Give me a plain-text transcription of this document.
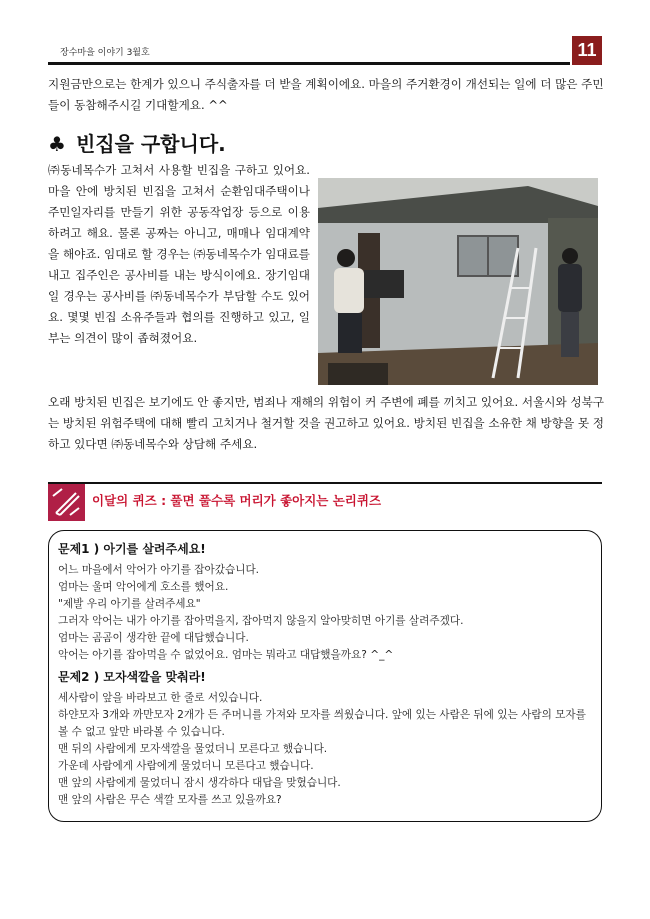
장수마을 이야기 3월호	11
지원금만으로는 한계가 있으니 주식출자를 더 받을 계획이에요. 마을의 주거환경이 개선되는 일에 더 많은 주민들이 동참해주시길 기대할게요. ^^
♣ 빈집을 구합니다.
㈜동네목수가 고쳐서 사용할 빈집을 구하고 있어요. 마을 안에 방치된 빈집을 고쳐서 순환임대주택이나 주민일자리를 만들기 위한 공동작업장 등으로 이용하려고 해요. 물론 공짜는 아니고, 매매나 임대계약을 해야죠. 임대로 할 경우는 ㈜동네목수가 임대료를 내고 집주인은 공사비를 내는 방식이에요. 장기임대일 경우는 공사비를 ㈜동네목수가 부담할 수도 있어요. 몇몇 빈집 소유주들과 협의를 진행하고 있고, 일부는 의견이 많이 좁혀졌어요.
오래 방치된 빈집은 보기에도 안 좋지만, 범죄나 재해의 위험이 커 주변에 폐를 끼치고 있어요. 서울시와 성북구는 방치된 위험주택에 대해 빨리 고치거나 철거할 것을 권고하고 있어요. 방치된 빈집을 소유한 채 방향을 못 정하고 있다면 ㈜동네목수와 상담해 주세요.
이달의 퀴즈 : 풀면 풀수록 머리가 좋아지는 논리퀴즈
문제1 ) 아기를 살려주세요!
어느 마을에서 악어가 아기를 잡아갔습니다.
엄마는 울며 악어에게 호소를 했어요.
"제발 우리 아기를 살려주세요"
그러자 악어는 내가 아기를 잡아먹을지, 잡아먹지 않을지 알아맞히면 아기를 살려주겠다.
엄마는 곰곰이 생각한 끝에 대답했습니다.
악어는 아기를 잡아먹을 수 없었어요. 엄마는 뭐라고 대답했을까요? ^_^
문제2 ) 모자색깔을 맞춰라!
세사람이 앞을 바라보고 한 줄로 서있습니다.
하얀모자 3개와 까만모자 2개가 든 주머니를 가져와 모자를 씌웠습니다. 앞에 있는 사람은 뒤에 있는 사람의 모자를 볼 수 없고 앞만 바라볼 수 있습니다.
맨 뒤의 사람에게 모자색깔을 물었더니 모른다고 했습니다.
가운데 사람에게 사람에게 물었더니 모른다고 했습니다.
맨 앞의 사람에게 물었더니 잠시 생각하다 대답을 맞혔습니다.
맨 앞의 사람은 무슨 색깔 모자를 쓰고 있을까요?
